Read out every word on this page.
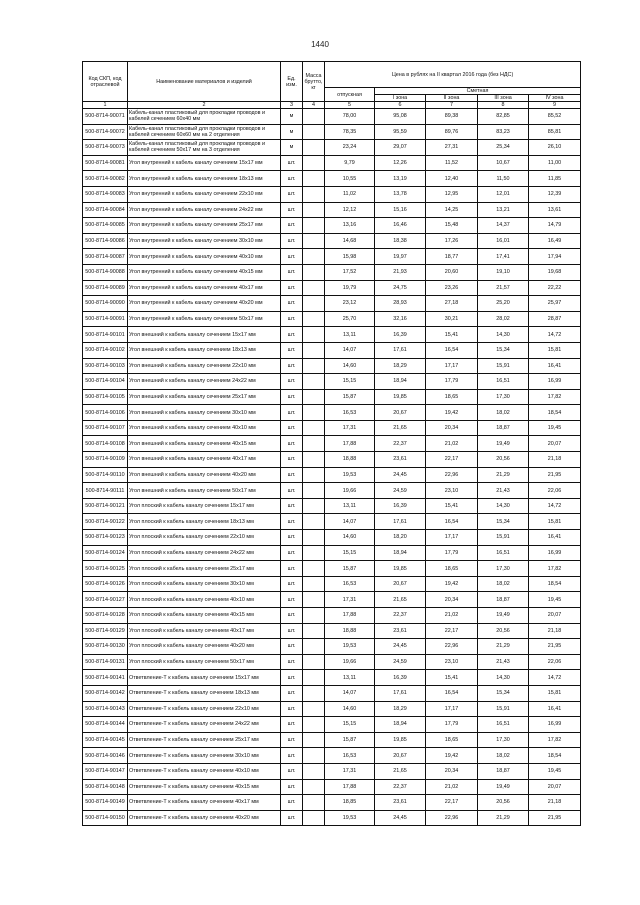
1440
Код СКП, код отраслевой	Наименование материалов и изделий	Ед. изм.	Масса брутто, кг	Цена в рублях на II квартал 2016 года (без НДС)				
				отпускная	Сметная			
					I зона	II зона	III зона	IV зона
1	2	3	4	5	6	7	8	9
500-8714-90071	Кабель-канал пластиковый для прокладки проводов и кабелей сечением 60х40 мм	м		78,00	95,08	89,38	82,85	85,52
500-8714-90072	Кабель-канал пластиковый для прокладки проводов и кабелей сечением 60х60 мм на 2 отделения	м		78,35	95,59	89,76	83,23	85,81
500-8714-90073	Кабель-канал пластиковый для прокладки проводов и кабелей сечением 50х17 мм на 3 отделения	м		23,24	29,07	27,31	25,34	26,10
500-8714-90081	Угол внутренний к кабель каналу сечением 15х17 мм	шт.		9,79	12,26	11,52	10,67	11,00
500-8714-90082	Угол внутренний к кабель каналу сечением 18х13 мм	шт.		10,55	13,19	12,40	11,50	11,85
500-8714-90083	Угол внутренний к кабель каналу сечением 22х10 мм	шт.		11,02	13,78	12,95	12,01	12,39
500-8714-90084	Угол внутренний к кабель каналу сечением 24х22 мм	шт.		12,12	15,16	14,25	13,21	13,61
500-8714-90085	Угол внутренний к кабель каналу сечением 25х17 мм	шт.		13,16	16,46	15,48	14,37	14,79
500-8714-90086	Угол внутренний к кабель каналу сечением 30х10 мм	шт.		14,68	18,38	17,26	16,01	16,49
500-8714-90087	Угол внутренний к кабель каналу сечением 40х10 мм	шт.		15,98	19,97	18,77	17,41	17,94
500-8714-90088	Угол внутренний к кабель каналу сечением 40х15 мм	шт.		17,52	21,93	20,60	19,10	19,68
500-8714-90089	Угол внутренний к кабель каналу сечением 40х17 мм	шт.		19,79	24,75	23,26	21,57	22,22
500-8714-90090	Угол внутренний к кабель каналу сечением 40х20 мм	шт.		23,12	28,93	27,18	25,20	25,97
500-8714-90091	Угол внутренний к кабель каналу сечением 50х17 мм	шт.		25,70	32,16	30,21	28,02	28,87
500-8714-90101	Угол внешний к кабель каналу сечением 15х17 мм	шт.		13,11	16,39	15,41	14,30	14,72
500-8714-90102	Угол внешний к кабель каналу сечением 18х13 мм	шт.		14,07	17,61	16,54	15,34	15,81
500-8714-90103	Угол внешний к кабель каналу сечением 22х10 мм	шт.		14,60	18,29	17,17	15,91	16,41
500-8714-90104	Угол внешний к кабель каналу сечением 24х22 мм	шт.		15,15	18,94	17,79	16,51	16,99
500-8714-90105	Угол внешний к кабель каналу сечением 25х17 мм	шт.		15,87	19,85	18,65	17,30	17,82
500-8714-90106	Угол внешний к кабель каналу сечением 30х10 мм	шт.		16,53	20,67	19,42	18,02	18,54
500-8714-90107	Угол внешний к кабель каналу сечением 40х10 мм	шт.		17,31	21,65	20,34	18,87	19,45
500-8714-90108	Угол внешний к кабель каналу сечением 40х15 мм	шт.		17,88	22,37	21,02	19,49	20,07
500-8714-90109	Угол внешний к кабель каналу сечением 40х17 мм	шт.		18,88	23,61	22,17	20,56	21,18
500-8714-90110	Угол внешний к кабель каналу сечением 40х20 мм	шт.		19,53	24,45	22,96	21,29	21,95
500-8714-90111	Угол внешний к кабель каналу сечением 50х17 мм	шт.		19,66	24,59	23,10	21,43	22,06
500-8714-90121	Угол плоский к кабель каналу сечением 15х17 мм	шт.		13,11	16,39	15,41	14,30	14,72
500-8714-90122	Угол плоский к кабель каналу сечением 18х13 мм	шт.		14,07	17,61	16,54	15,34	15,81
500-8714-90123	Угол плоский к кабель каналу сечением 22х10 мм	шт.		14,60	18,20	17,17	15,91	16,41
500-8714-90124	Угол плоский к кабель каналу сечением 24х22 мм	шт.		15,15	18,94	17,79	16,51	16,99
500-8714-90125	Угол плоский к кабель каналу сечением 25х17 мм	шт.		15,87	19,85	18,65	17,30	17,82
500-8714-90126	Угол плоский к кабель каналу сечением 30х10 мм	шт.		16,53	20,67	19,42	18,02	18,54
500-8714-90127	Угол плоский к кабель каналу сечением 40х10 мм	шт.		17,31	21,65	20,34	18,87	19,45
500-8714-90128	Угол плоский к кабель каналу сечением 40х15 мм	шт.		17,88	22,37	21,02	19,49	20,07
500-8714-90129	Угол плоский к кабель каналу сечением 40х17 мм	шт.		18,88	23,61	22,17	20,56	21,18
500-8714-90130	Угол плоский к кабель каналу сечением 40х20 мм	шт.		19,53	24,45	22,96	21,29	21,95
500-8714-90131	Угол плоский к кабель каналу сечением 50х17 мм	шт.		19,66	24,59	23,10	21,43	22,06
500-8714-90141	Ответвление-Т к кабель каналу сечением 15х17 мм	шт.		13,11	16,39	15,41	14,30	14,72
500-8714-90142	Ответвление-Т к кабель каналу сечением 18х13 мм	шт.		14,07	17,61	16,54	15,34	15,81
500-8714-90143	Ответвление-Т к кабель каналу сечением 22х10 мм	шт.		14,60	18,29	17,17	15,91	16,41
500-8714-90144	Ответвление-Т к кабель каналу сечением 24х22 мм	шт.		15,15	18,94	17,79	16,51	16,99
500-8714-90145	Ответвление-Т к кабель каналу сечением 25х17 мм	шт.		15,87	19,85	18,65	17,30	17,82
500-8714-90146	Ответвление-Т к кабель каналу сечением 30х10 мм	шт.		16,53	20,67	19,42	18,02	18,54
500-8714-90147	Ответвление-Т к кабель каналу сечением 40х10 мм	шт.		17,31	21,65	20,34	18,87	19,45
500-8714-90148	Ответвление-Т к кабель каналу сечением 40х15 мм	шт.		17,88	22,37	21,02	19,49	20,07
500-8714-90149	Ответвление-Т к кабель каналу сечением 40х17 мм	шт.		18,85	23,61	22,17	20,56	21,18
500-8714-90150	Ответвление-Т к кабель каналу сечением 40х20 мм	шт.		19,53	24,45	22,96	21,29	21,95
